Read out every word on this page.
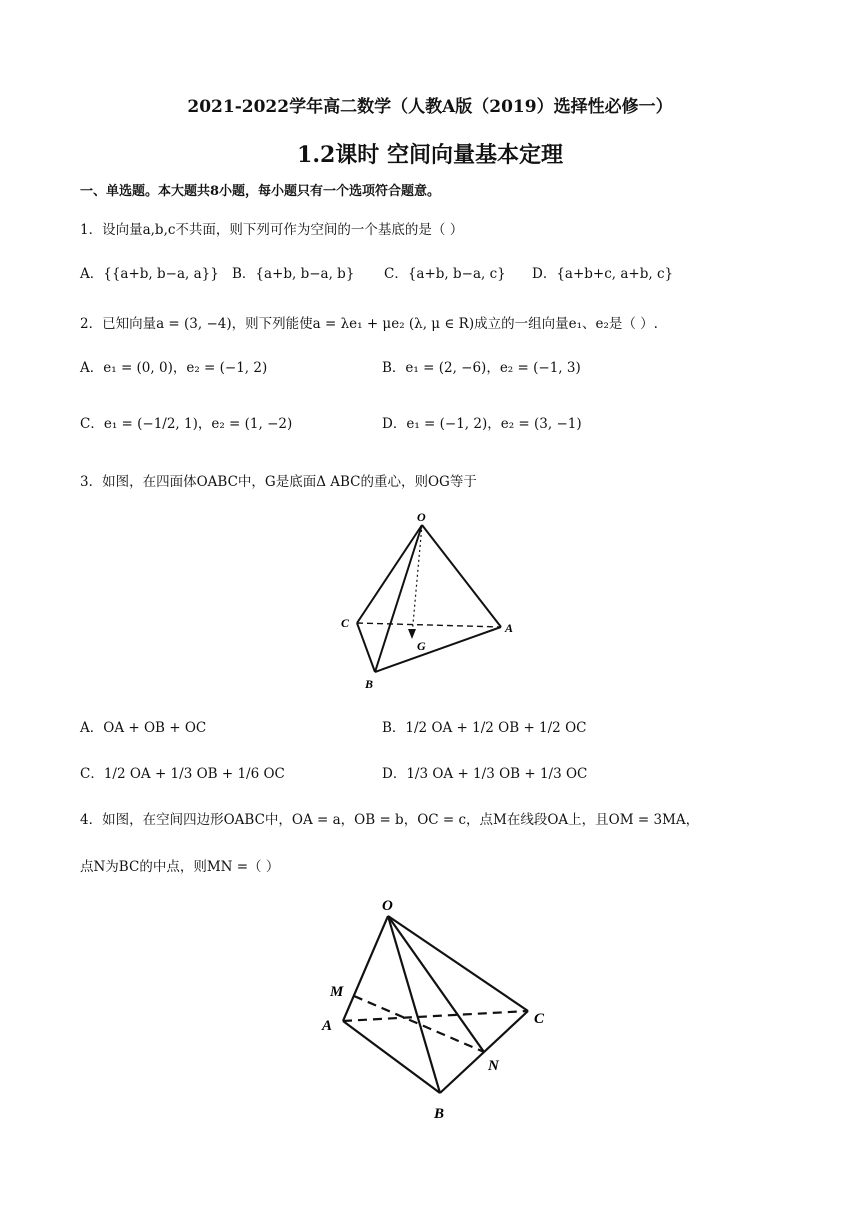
2021-2022学年高二数学（人教A版（2019）选择性必修一）
1.2课时 空间向量基本定理
一、单选题。本大题共8小题，每小题只有一个选项符合题意。
1．设向量a,b,c不共面，则下列可作为空间的一个基底的是（ ）
A．{{a+b, b−a, a}} B．{a+b, b−a, b} C．{a+b, b−a, c} D．{a+b+c, a+b, c}
2．已知向量a = (3, −4)，则下列能使a = λe₁ + μe₂ (λ, μ ∈ R)成立的一组向量e₁、e₂是（ ）.
A．e₁ = (0, 0)，e₂ = (−1, 2)	B．e₁ = (2, −6)，e₂ = (−1, 3)
C．e₁ = (−1/2, 1)，e₂ = (1, −2)	D．e₁ = (−1, 2)，e₂ = (3, −1)
3．如图，在四面体OABC中，G是底面Δ ABC的重心，则OG等于
O
C	A
G
B
A．OA + OB + OC	B．1/2 OA + 1/2 OB + 1/2 OC
C．1/2 OA + 1/3 OB + 1/6 OC	D．1/3 OA + 1/3 OB + 1/3 OC
4．如图，在空间四边形OABC中，OA = a，OB = b，OC = c，点M在线段OA上，且OM = 3MA，
点N为BC的中点，则MN =（ ）
O
M
A	C
N
B
